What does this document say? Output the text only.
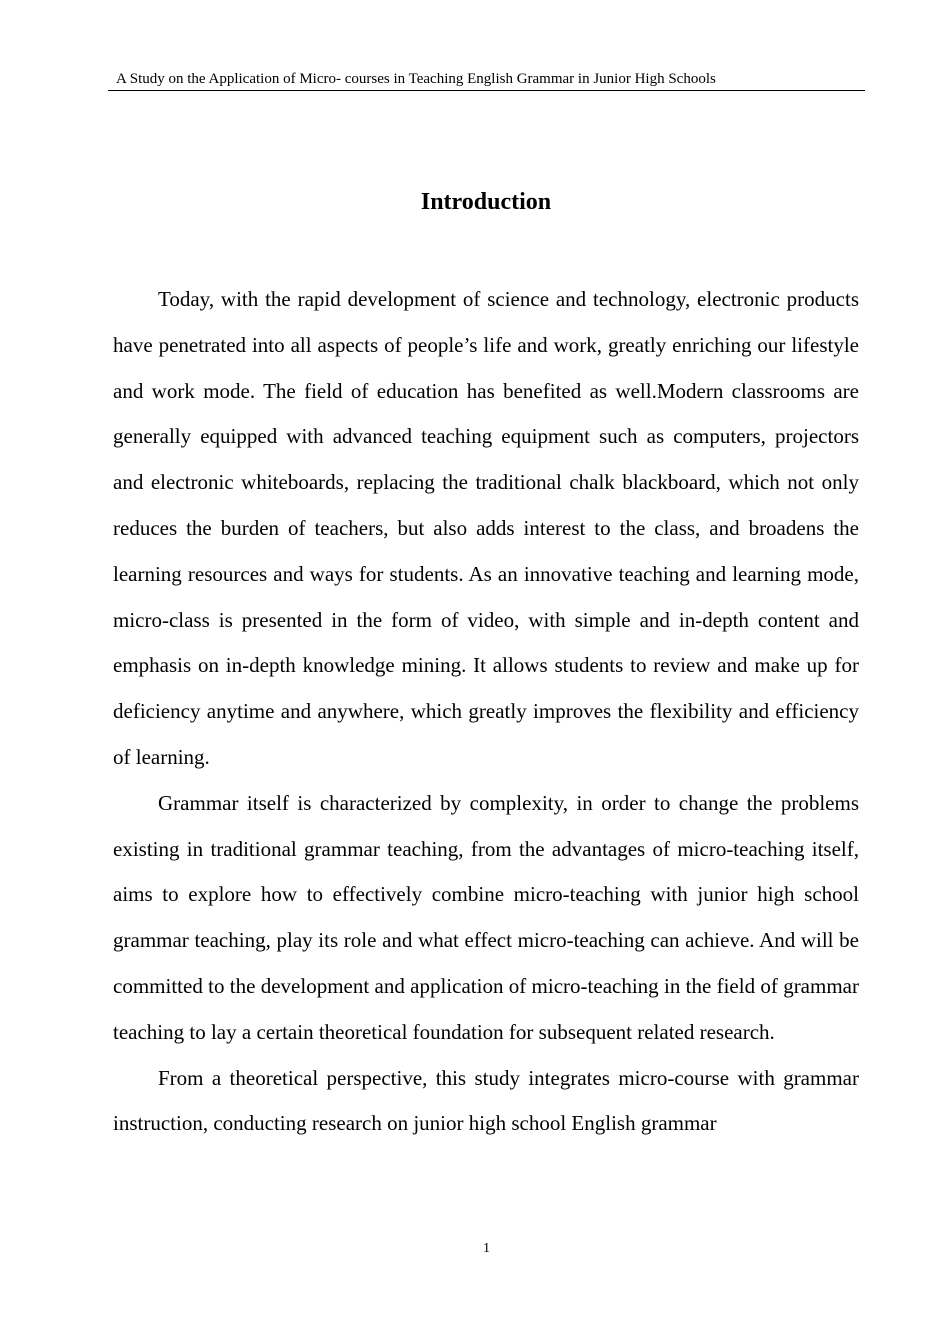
A Study on the Application of Micro- courses in Teaching English Grammar in Junior High Schools
Introduction

Today, with the rapid development of science and technology, electronic products have penetrated into all aspects of people’s life and work, greatly enriching our lifestyle and work mode. The field of education has benefited as well.Modern classrooms are generally equipped with advanced teaching equipment such as computers, projectors and electronic whiteboards, replacing the traditional chalk blackboard, which not only reduces the burden of teachers, but also adds interest to the class, and broadens the learning resources and ways for students. As an innovative teaching and learning mode, micro-class is presented in the form of video, with simple and in-depth content and emphasis on in-depth knowledge mining. It allows students to review and make up for deficiency anytime and anywhere, which greatly improves the flexibility and efficiency of learning.

Grammar itself is characterized by complexity, in order to change the problems existing in traditional grammar teaching, from the advantages of micro-teaching itself, aims to explore how to effectively combine micro-teaching with junior high school grammar teaching, play its role and what effect micro-teaching can achieve. And will be committed to the development and application of micro-teaching in the field of grammar teaching to lay a certain theoretical foundation for subsequent related research.

From a theoretical perspective, this study integrates micro-course with grammar instruction, conducting research on junior high school English grammar

1
